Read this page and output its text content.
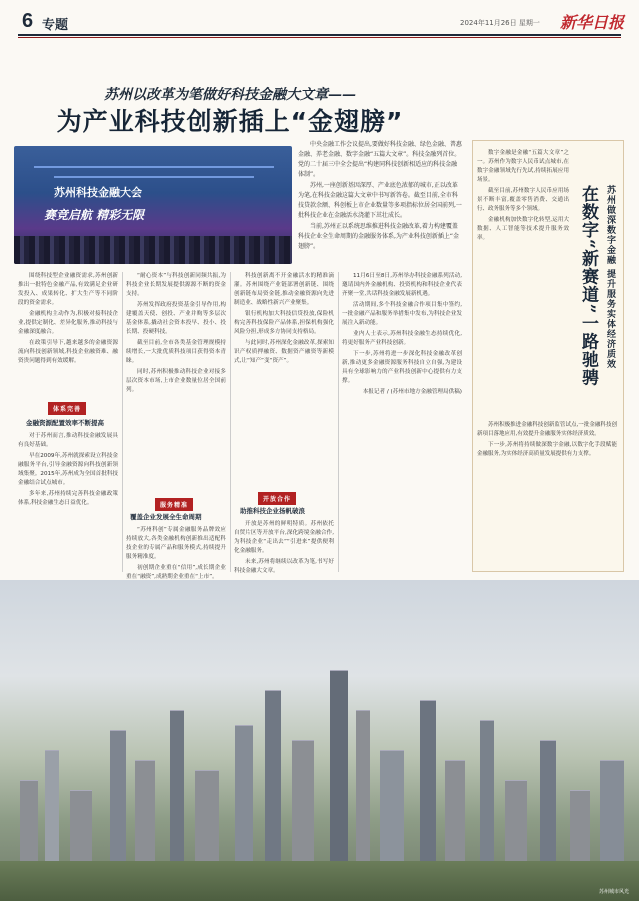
6 专题	2024年11月26日 星期一 新华日报
苏州以改革为笔做好科技金融大文章——
为产业科技创新插上“金翅膀”
苏州科技金融大会
赛竞启航 精彩无限

中央金融工作会议提出,要做好科技金融、绿色金融、普惠金融、养老金融、数字金融“五篇大文章”。科技金融列首位。党的二十届三中全会提出“构建同科技创新相适应的科技金融体制”。

苏州,一座创新基因深厚、产业底色浓郁的城市,正以改革为笔,在科技金融这篇大文章中书写新答卷。截至目前,全市科技贷款余额、科创板上市企业数量等多项指标位居全国前列,一批科技企业在金融活水浇灌下茁壮成长。

当前,苏州正以系统思维推进科技金融改革,着力构建覆盖科技企业全生命周期的金融服务体系,为产业科技创新插上“金翅膀”。

围绕科技型企业融资需求,苏州创新推出一批特色金融产品,有效满足企业研发投入、成果转化、扩大生产等不同阶段的资金需求。

金融机构主动作为,积极对接科技企业,提供定制化、差异化服务,推动科技与金融深度融合。

在政策引导下,越来越多的金融资源流向科技创新领域,科技企业融资难、融资贵问题得到有效缓解。

体系完善
金融资源配置效率不断提高

对于苏州而言,推动科技金融发展具有良好基础。

早在2009年,苏州就探索设立科技金融服务平台,引导金融资源向科技创新领域集聚。2015年,苏州成为全国首批科技金融结合试点城市。

多年来,苏州持续完善科技金融政策体系,科技金融生态日益优化。

“耐心资本”与科技创新同频共振,为科技企业长期发展提供源源不断的资金支持。

苏州发挥政府投资基金引导作用,构建覆盖天使、创投、产业并购等多层次基金体系,撬动社会资本投早、投小、投长期、投硬科技。

截至目前,全市各类基金管理规模持续增长,一大批优质科技项目获得资本青睐。

同时,苏州积极推动科技企业对接多层次资本市场,上市企业数量位居全国前列。

服务精准
覆盖企业发展全生命周期

“苏州科创”专属金融服务品牌效应持续放大,各类金融机构创新推出适配科技企业的专属产品和服务模式,持续提升服务精准度。

初创期企业重在“信用”,成长期企业重在“融资”,成熟期企业重在“上市”。

科技创新离不开金融活水的精准滴灌。苏州围绕产业链部署创新链、围绕创新链布局资金链,推动金融资源向先进制造业、战略性新兴产业聚集。

银行机构加大科技信贷投放,保险机构完善科技保险产品体系,担保机构强化风险分担,形成多方协同支持格局。

与此同时,苏州深化金融改革,探索知识产权质押融资、数据资产融资等新模式,让“知产”变“资产”。

开放合作
助推科技企业扬帆破浪

开放是苏州的鲜明特质。苏州依托自贸片区等开放平台,深化跨境金融合作,为科技企业“走出去”“引进来”提供便利化金融服务。

未来,苏州将继续以改革为笔,书写好科技金融大文章。

11月6日至8日,苏州举办科技金融系列活动,邀请国内外金融机构、投资机构和科技企业代表齐聚一堂,共话科技金融发展新机遇。

活动期间,多个科技金融合作项目集中签约,一批金融产品和服务举措集中发布,为科技企业发展注入新动能。

业内人士表示,苏州科技金融生态持续优化,将更好服务产业科技创新。

下一步,苏州将进一步深化科技金融改革创新,推动更多金融资源服务科技自立自强,为建设具有全球影响力的产业科技创新中心提供有力支撑。

本报记者 / (苏州市地方金融管理局供稿)

数字金融是金融“五篇大文章”之一。苏州作为数字人民币试点城市,在数字金融领域先行先试,持续拓展应用场景。

截至目前,苏州数字人民币应用场景不断丰富,覆盖零售消费、交通出行、政务服务等多个领域。

金融机构加快数字化转型,运用大数据、人工智能等技术提升服务效率。	在数字“新赛道”一路驰骋 苏州做深数字金融 提升服务实体经济质效

苏州积极推进金融科技创新监管试点,一批金融科技创新项目落地应用,有效提升金融服务实体经济质效。

下一步,苏州将持续做深数字金融,以数字化手段赋能金融服务,为实体经济高质量发展提供有力支撑。

苏州城市风光
